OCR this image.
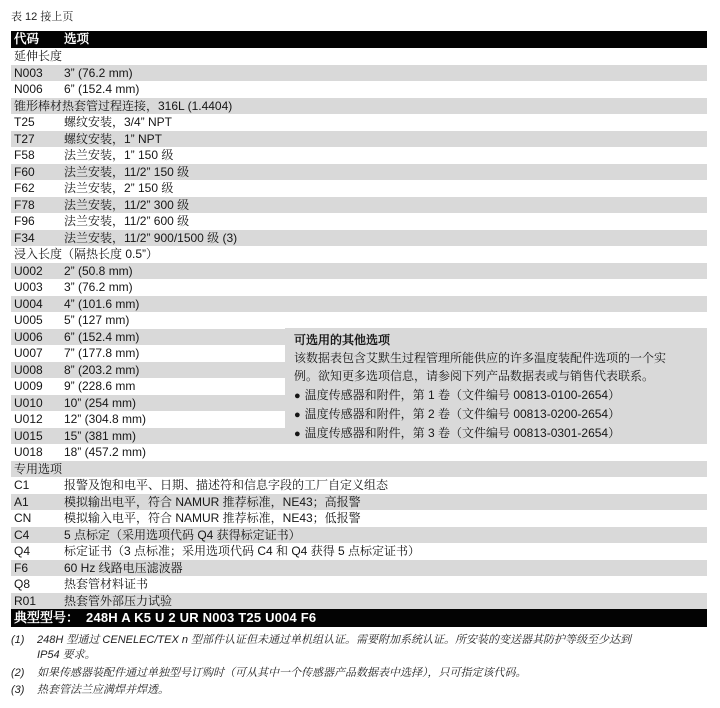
表 12 接上页
代码	选项
延伸长度
N003	3” (76.2 mm)
N006	6” (152.4 mm)
锥形棒材热套管过程连接，316L (1.4404)
T25	螺纹安装，3/4” NPT
T27	螺纹安装，1” NPT
F58	法兰安装，1” 150 级
F60	法兰安装，11/2” 150 级
F62	法兰安装，2” 150 级
F78	法兰安装，11/2” 300 级
F96	法兰安装，11/2” 600 级
F34	法兰安装，11/2” 900/1500 级 (3)
浸入长度（隔热长度 0.5”）
U002	2” (50.8 mm)
U003	3” (76.2 mm)
U004	4” (101.6 mm)
U005	5” (127 mm)
U006	6” (152.4 mm)
U007	7” (177.8 mm)
U008	8” (203.2 mm)
U009	9” (228.6 mm
U010	10” (254 mm)
U012	12” (304.8 mm)
U015	15” (381 mm)
U018	18” (457.2 mm)
专用选项
C1	报警及饱和电平、日期、描述符和信息字段的工厂自定义组态
A1	模拟输出电平，符合 NAMUR 推荐标准，NE43；高报警
CN	模拟输入电平，符合 NAMUR 推荐标准，NE43；低报警
C4	5 点标定（采用选项代码 Q4 获得标定证书）
Q4	标定证书（3 点标准；采用选项代码 C4 和 Q4 获得 5 点标定证书）
F6	60 Hz 线路电压滤波器
Q8	热套管材料证书
R01	热套管外部压力试验
典型型号： 248H A K5 U 2 UR N003 T25 U004 F6
可选用的其他选项
该数据表包含艾默生过程管理所能供应的许多温度装配件选项的一个实
例。欲知更多选项信息，请参阅下列产品数据表或与销售代表联系。
● 温度传感器和附件，第 1 卷（文件编号 00813-0100-2654）
● 温度传感器和附件，第 2 卷（文件编号 00813-0200-2654）
● 温度传感器和附件，第 3 卷（文件编号 00813-0301-2654）
(1)	248H 型通过 CENELEC/TEX n 型部件认证但未通过单机组认证。需要附加系统认证。所安装的变送器其防护等级至少达到
IP54 要求。
(2)	如果传感器装配件通过单独型号订购时（可从其中一个传感器产品数据表中选择），只可指定该代码。
(3)	热套管法兰应满焊并焊透。
